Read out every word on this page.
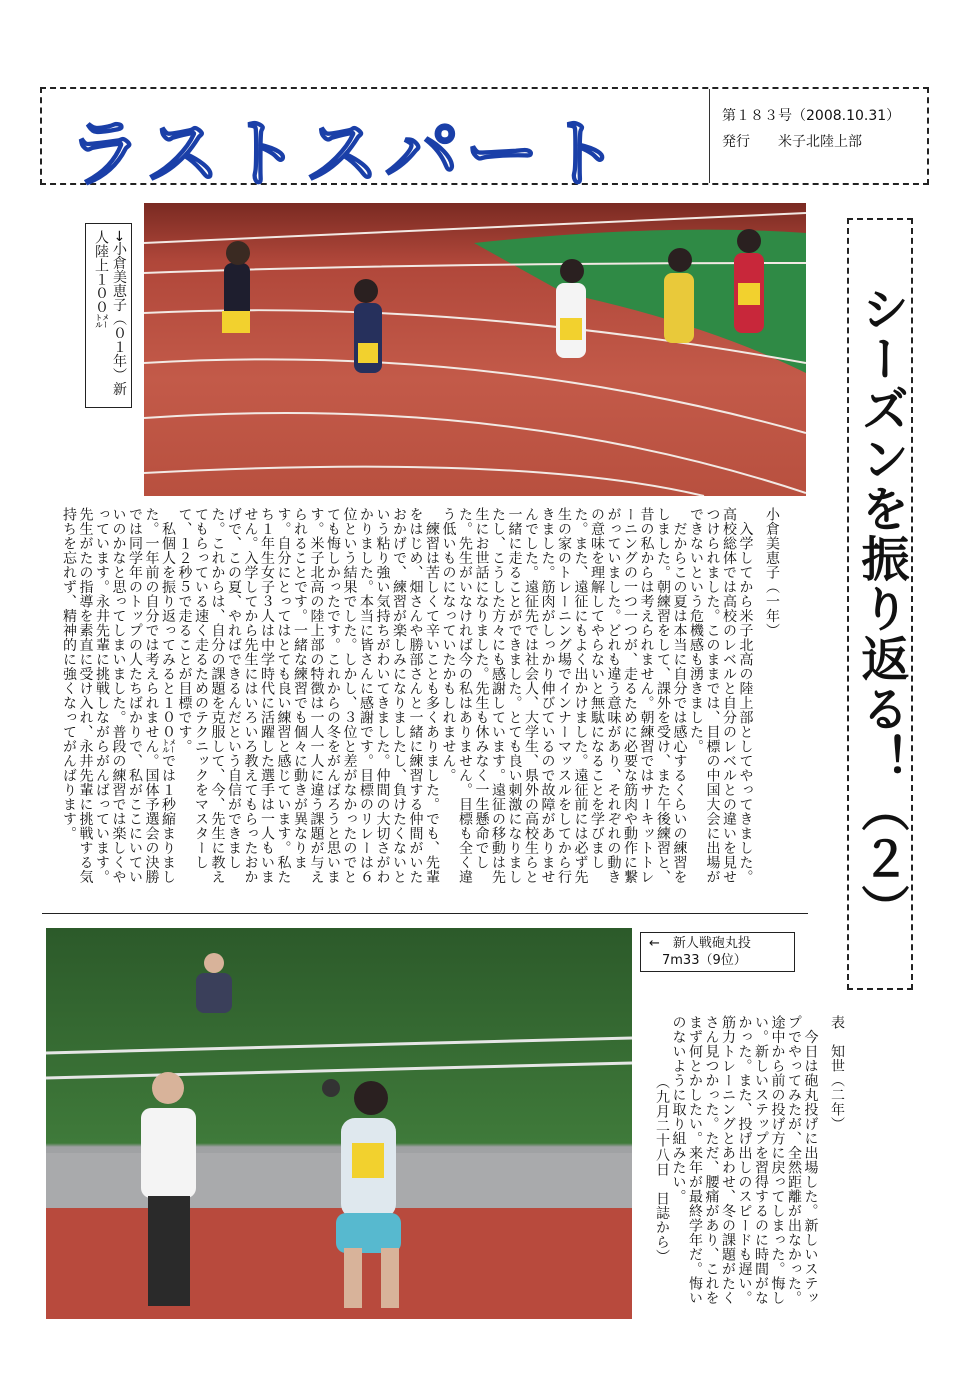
ラストスパート	第１８３号（2008.10.31）
発行　　米子北陸上部
→小倉美恵子（０１年）新人陸上１００㍍
シーズンを振り返る！（２）

小倉美恵子（一年）

　入学してから米子北高の陸上部としてやってきました。高校総体では高校のレベルと自分のレベルとの違いを見せつけられました。このままでは、目標の中国大会に出場ができないという危機感も湧きました。

　だからこの夏は本当に自分では感心するくらいの練習をしました。朝練習をして、課外を受け、また午後練習と、昔の私からは考えられません。朝練習ではサーキットトレーニングの一つ一つが、走るために必要な筋肉や動作に繋がっていました。どれも違う意味があり、それぞれの動きの意味を理解してやらないと無駄になることを学びました。また、遠征にもよく出かけました。遠征前には必ず先生の家のトレーニング場でインナーマッスルをしてから行きました。筋肉がしっかり伸びているので故障がありませんでした。遠征先では社会人、大学生、県外の高校生らと一緒に走ることができました。とても良い刺激になりましたし、こうした方々にも感謝しています。遠征の移動は先生にお世話になりました。先生も休みなく一生懸命でした。先生がいなければ今の私はありません。目標も全く違う低いものになっていたかもしれません。

　練習は苦しくて辛いことも多くありました。でも、先輩をはじめ、畑さんや勝部さんと一緒に練習する仲間がいたおかげで、練習が楽しみになりましたし、負けたくないという粘り強い気持ちがわいてきました。仲間の大切さがわかりました。本当に皆さんに感謝です。目標のリレーは６位という結果でした。しかし、３位と差がなかったのでとても悔しかったです。これからの冬をがんばろうと思います。米子北高の陸上部の特徴は一人一人に違う課題が与えられることです。一緒な練習でも個々に動きが異なります。自分にとってはとても良い練習と感じています。私たち１年生女子３人は中学時代に活躍した選手は一人もいません。入学してから先生にはいろいろ教えてもらったおかげで、この夏、やればできるんだという自信ができました。これからは、自分の課題を克服して、今、先生に教えてもらっている速く走るためのテクニックをマスターして、１２秒５で走ることが目標です。

　私個人を振り返ってみると１００㍍では１秒縮まりました。一年前の自分では考えられません。国体予選会の決勝では同学年のトップの人たちばかりで、私がここにいていいのかなと思ってしまいました。普段の練習では楽しくやっています。永井先輩に挑戦しながらがんばっています。先生がたの指導を素直に受け入れ、永井先輩に挑戦する気持ちを忘れず、精神的に強くなってがんばります。

←　新人戦砲丸投
　7m33（9位）

表　知世（二年）

　今日は砲丸投げに出場した。新しいステップでやってみたが、全然距離が出なかった。途中から前の投げ方に戻ってしまった。悔しい。新しいステップを習得するのに時間がなかった。また、投げ出しのスピードも遅い。筋力トレーニングとあわせ、冬の課題がたくさん見つかった。ただ、腰痛があり、これをまず何とかしたい。来年が最終学年だ。悔いのないように取り組みたい。

（九月二十八日　日誌から）
